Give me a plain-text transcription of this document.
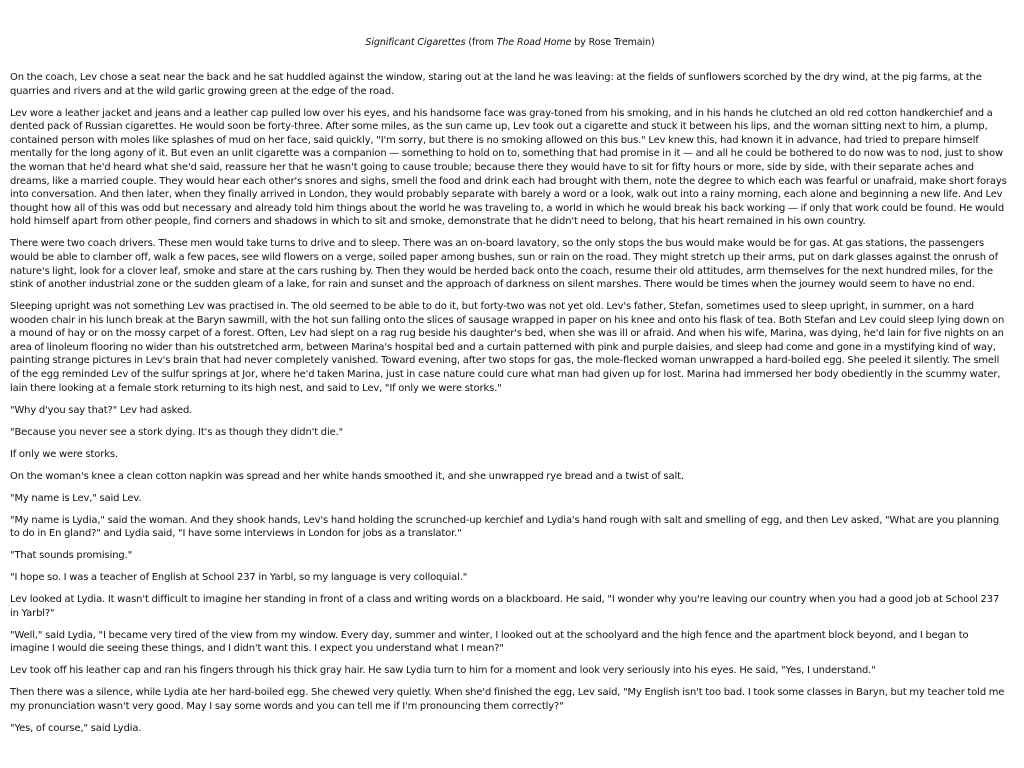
Significant Cigarettes (from The Road Home by Rose Tremain)

On the coach, Lev chose a seat near the back and he sat huddled against the window, staring out at the land he was leaving: at the fields of sunflowers scorched by the dry wind, at the pig farms, at the quarries and rivers and at the wild garlic growing green at the edge of the road.

Lev wore a leather jacket and jeans and a leather cap pulled low over his eyes, and his handsome face was gray-toned from his smoking, and in his hands he clutched an old red cotton handkerchief and a dented pack of Russian cigarettes. He would soon be forty-three. After some miles, as the sun came up, Lev took out a cigarette and stuck it between his lips, and the woman sitting next to him, a plump, contained person with moles like splashes of mud on her face, said quickly, "I'm sorry, but there is no smoking allowed on this bus." Lev knew this, had known it in advance, had tried to prepare himself mentally for the long agony of it. But even an unlit cigarette was a companion — something to hold on to, something that had promise in it — and all he could be bothered to do now was to nod, just to show the woman that he'd heard what she'd said, reassure her that he wasn't going to cause trouble; because there they would have to sit for fifty hours or more, side by side, with their separate aches and dreams, like a married couple. They would hear each other's snores and sighs, smell the food and drink each had brought with them, note the degree to which each was fearful or unafraid, make short forays into conversation. And then later, when they finally arrived in London, they would probably separate with barely a word or a look, walk out into a rainy morning, each alone and beginning a new life. And Lev thought how all of this was odd but necessary and already told him things about the world he was traveling to, a world in which he would break his back working — if only that work could be found. He would hold himself apart from other people, find corners and shadows in which to sit and smoke, demonstrate that he didn't need to belong, that his heart remained in his own country.

There were two coach drivers. These men would take turns to drive and to sleep. There was an on-board lavatory, so the only stops the bus would make would be for gas. At gas stations, the passengers would be able to clamber off, walk a few paces, see wild flowers on a verge, soiled paper among bushes, sun or rain on the road. They might stretch up their arms, put on dark glasses against the onrush of nature's light, look for a clover leaf, smoke and stare at the cars rushing by. Then they would be herded back onto the coach, resume their old attitudes, arm themselves for the next hundred miles, for the stink of another industrial zone or the sudden gleam of a lake, for rain and sunset and the approach of darkness on silent marshes. There would be times when the journey would seem to have no end.

Sleeping upright was not something Lev was practised in. The old seemed to be able to do it, but forty-two was not yet old. Lev's father, Stefan, sometimes used to sleep upright, in summer, on a hard wooden chair in his lunch break at the Baryn sawmill, with the hot sun falling onto the slices of sausage wrapped in paper on his knee and onto his flask of tea. Both Stefan and Lev could sleep lying down on a mound of hay or on the mossy carpet of a forest. Often, Lev had slept on a rag rug beside his daughter's bed, when she was ill or afraid. And when his wife, Marina, was dying, he'd lain for five nights on an area of linoleum flooring no wider than his outstretched arm, between Marina's hospital bed and a curtain patterned with pink and purple daisies, and sleep had come and gone in a mystifying kind of way, painting strange pictures in Lev's brain that had never completely vanished. Toward evening, after two stops for gas, the mole-flecked woman unwrapped a hard-boiled egg. She peeled it silently. The smell of the egg reminded Lev of the sulfur springs at Jor, where he'd taken Marina, just in case nature could cure what man had given up for lost. Marina had immersed her body obediently in the scummy water, lain there looking at a female stork returning to its high nest, and said to Lev, "If only we were storks."

"Why d'you say that?" Lev had asked.

"Because you never see a stork dying. It's as though they didn't die."

If only we were storks.

On the woman's knee a clean cotton napkin was spread and her white hands smoothed it, and she unwrapped rye bread and a twist of salt.

"My name is Lev," said Lev.

"My name is Lydia," said the woman. And they shook hands, Lev's hand holding the scrunched-up kerchief and Lydia's hand rough with salt and smelling of egg, and then Lev asked, "What are you planning to do in En gland?" and Lydia said, "I have some interviews in London for jobs as a translator."

"That sounds promising."

"I hope so. I was a teacher of English at School 237 in Yarbl, so my language is very colloquial."

Lev looked at Lydia. It wasn't difficult to imagine her standing in front of a class and writing words on a blackboard. He said, "I wonder why you're leaving our country when you had a good job at School 237 in Yarbl?"

"Well," said Lydia, "I became very tired of the view from my window. Every day, summer and winter, I looked out at the schoolyard and the high fence and the apartment block beyond, and I began to imagine I would die seeing these things, and I didn't want this. I expect you understand what I mean?"

Lev took off his leather cap and ran his fingers through his thick gray hair. He saw Lydia turn to him for a moment and look very seriously into his eyes. He said, "Yes, I understand."

Then there was a silence, while Lydia ate her hard-boiled egg. She chewed very quietly. When she'd finished the egg, Lev said, "My English isn't too bad. I took some classes in Baryn, but my teacher told me my pronunciation wasn't very good. May I say some words and you can tell me if I'm pronouncing them correctly?"

"Yes, of course," said Lydia.
